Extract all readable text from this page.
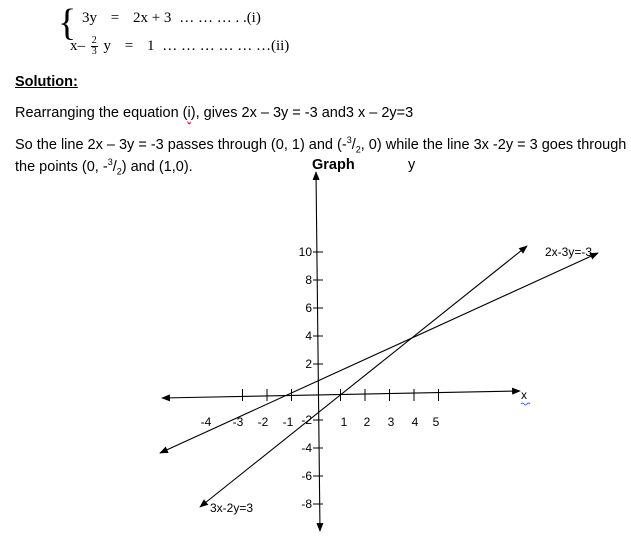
{ 3y = 2x + 3 … … … . .(i)
$x- \frac{2}{3}$ y = 1 … … … … … …(ii)
Solution:
Rearranging the equation (i), gives 2x – 3y = -3 and3 x – 2y=3
So the line 2x – 3y = -3 passes through (0, 1) and ($-^3/_2$, 0) while the line 3x -2y = 3 goes through
the points (0, $-^3/_2$) and (1,0).	Graph	y
-4 -3 -2 -1	1 2 3 4 5
10
8
6
4
2
-2
-4
-6
-8
x
2x-3y=-3
3x-2y=3
